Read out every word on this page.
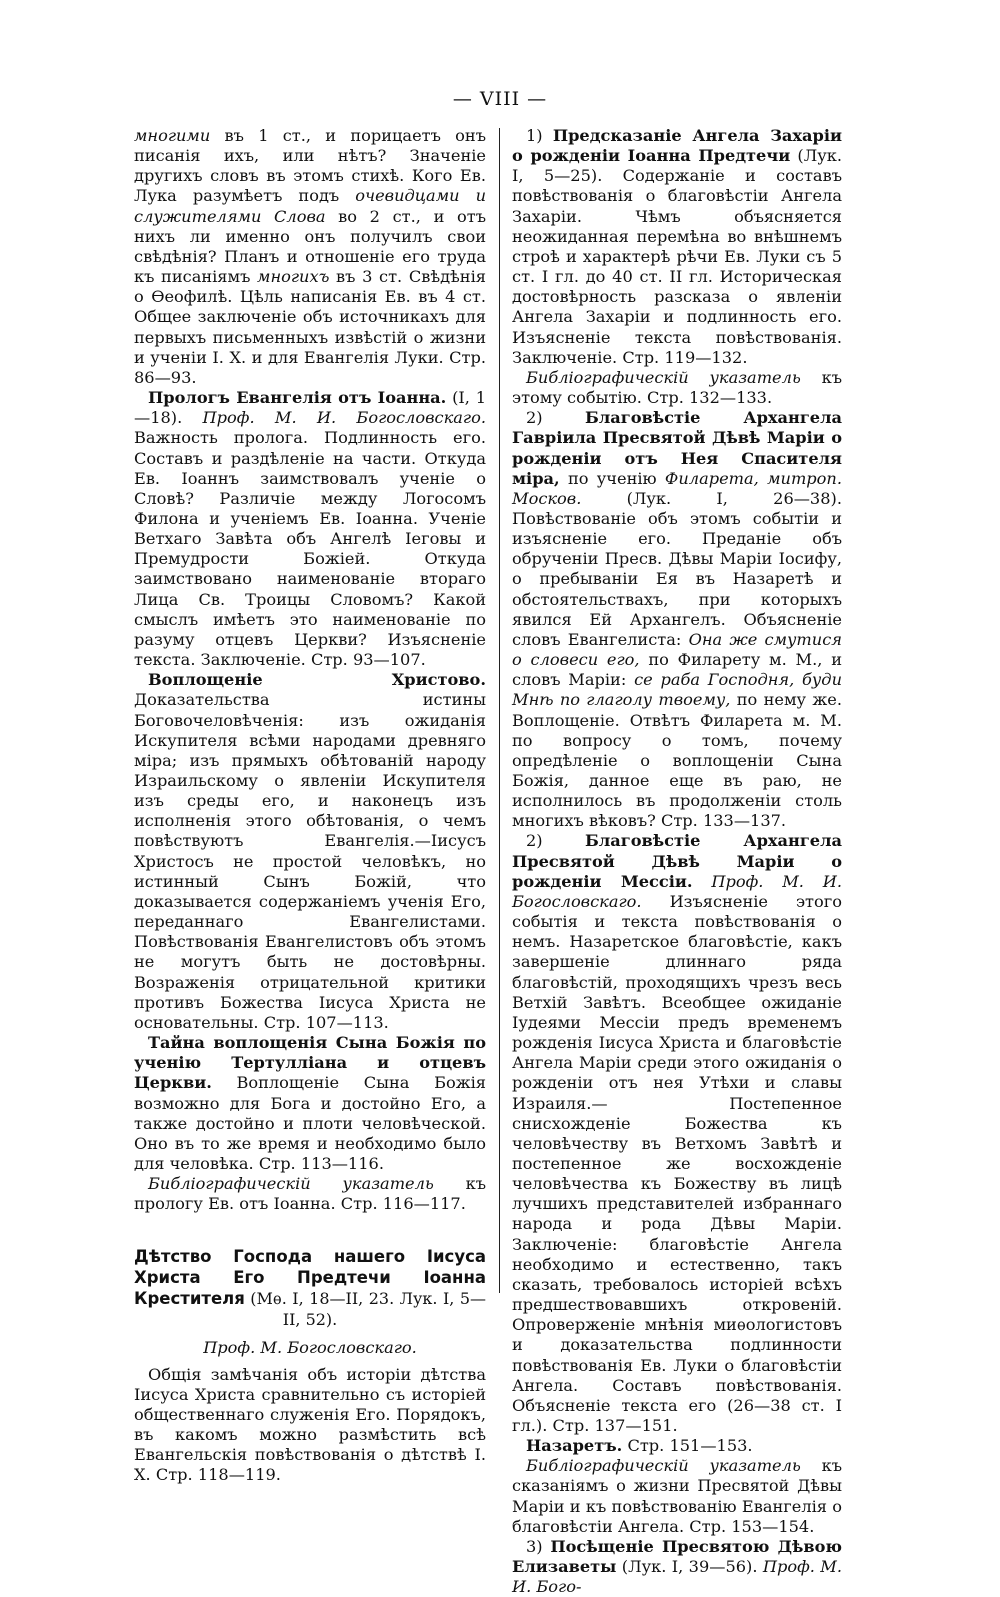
— VIII —

многими въ 1 ст., и порицаетъ онъ писанія ихъ, или нѣтъ? Значеніе другихъ словъ въ этомъ стихѣ. Кого Ев. Лука разумѣетъ подъ очевидцами и служителями Слова во 2 ст., и отъ нихъ ли именно онъ получилъ свои свѣдѣнія? Планъ и отношеніе его труда къ писаніямъ многихъ въ 3 ст. Свѣдѣнія о Ѳеофилѣ. Цѣль написанія Ев. въ 4 ст. Общее заключеніе объ источникахъ для первыхъ письменныхъ извѣстій о жизни и ученіи І. Х. и для Евангелія Луки. Стр. 86—93.

Прологъ Евангелія отъ Іоанна. (І, 1—18). Проф. М. И. Богословскаго. Важность пролога. Подлинность его. Составъ и раздѣленіе на части. Откуда Ев. Іоаннъ заимствовалъ ученіе о Словѣ? Различіе между Логосомъ Филона и ученіемъ Ев. Іоанна. Ученіе Ветхаго Завѣта объ Ангелѣ Іеговы и Премудрости Божіей. Откуда заимствовано наименованіе втораго Лица Св. Троицы Словомъ? Какой смыслъ имѣетъ это наименованіе по разуму отцевъ Церкви? Изъясненіе текста. Заключеніе. Стр. 93—107.

Воплощеніе Христово. Доказательства истины Боговочеловѣченія: изъ ожиданія Искупителя всѣми народами древняго міра; изъ прямыхъ обѣтованій народу Израильскому о явленіи Искупителя изъ среды его, и наконецъ изъ исполненія этого обѣтованія, о чемъ повѣствуютъ Евангелія.—Іисусъ Христосъ не простой человѣкъ, но истинный Сынъ Божій, что доказывается содержаніемъ ученія Его, переданнаго Евангелистами. Повѣствованія Евангелистовъ объ этомъ не могутъ быть не достовѣрны. Возраженія отрицательной критики противъ Божества Іисуса Христа не основательны. Стр. 107—113.

Тайна воплощенія Сына Божія по ученію Тертулліана и отцевъ Церкви. Воплощеніе Сына Божія возможно для Бога и достойно Его, а также достойно и плоти человѣческой. Оно въ то же время и необходимо было для человѣка. Стр. 113—116.

Библіографическій указатель къ прологу Ев. отъ Іоанна. Стр. 116—117.

Дѣтство Господа нашего Іисуса Христа Его Предтечи Іоанна Крестителя (Мѳ. І, 18—ІІ, 23. Лук. І, 5—ІІ, 52).

Проф. М. Богословскаго.

Общія замѣчанія объ исторіи дѣтства Іисуса Христа сравнительно съ исторіей общественнаго служенія Его. Порядокъ, въ какомъ можно размѣстить всѣ Евангельскія повѣствованія о дѣтствѣ І. Х. Стр. 118—119.

1) Предсказаніе Ангела Захаріи о рожденіи Іоанна Предтечи (Лук. І, 5—25). Содержаніе и составъ повѣствованія о благовѣстіи Ангела Захаріи. Чѣмъ объясняется неожиданная перемѣна во внѣшнемъ строѣ и характерѣ рѣчи Ев. Луки съ 5 ст. І гл. до 40 ст. ІІ гл. Историческая достовѣрность разсказа о явленіи Ангела Захаріи и подлинность его. Изъясненіе текста повѣствованія. Заключеніе. Стр. 119—132.

Библіографическій указатель къ этому событію. Стр. 132—133.

2) Благовѣстіе Архангела Гавріила Пресвятой Дѣвѣ Маріи о рожденіи отъ Нея Спасителя міра, по ученію Филарета, митроп. Москов. (Лук. І, 26—38). Повѣствованіе объ этомъ событіи и изъясненіе его. Преданіе объ обрученіи Пресв. Дѣвы Маріи Іосифу, о пребываніи Ея въ Назаретѣ и обстоятельствахъ, при которыхъ явился Ей Архангелъ. Объясненіе словъ Евангелиста: Она же смутися о словеси его, по Филарету м. М., и словъ Маріи: се раба Господня, буди Мнѣ по глаголу твоему, по нему же. Воплощеніе. Отвѣтъ Филарета м. М. по вопросу о томъ, почему опредѣленіе о воплощеніи Сына Божія, данное еще въ раю, не исполнилось въ продолженіи столь многихъ вѣковъ? Стр. 133—137.

2) Благовѣстіе Архангела Пресвятой Дѣвѣ Маріи о рожденіи Мессіи. Проф. М. И. Богословскаго. Изъясненіе этого событія и текста повѣствованія о немъ. Назаретское благовѣстіе, какъ завершеніе длиннаго ряда благовѣстій, проходящихъ чрезъ весь Ветхій Завѣтъ. Всеобщее ожиданіе Іудеями Мессіи предъ временемъ рожденія Іисуса Христа и благовѣстіе Ангела Маріи среди этого ожиданія о рожденіи отъ нея Утѣхи и славы Израиля.— Постепенное снисхожденіе Божества къ человѣчеству въ Ветхомъ Завѣтѣ и постепенное же восхожденіе человѣчества къ Божеству въ лицѣ лучшихъ представителей избраннаго народа и рода Дѣвы Маріи. Заключеніе: благовѣстіе Ангела необходимо и естественно, такъ сказать, требовалось исторіей всѣхъ предшествовавшихъ откровеній. Опроверженіе мнѣнія миѳологистовъ и доказательства подлинности повѣствованія Ев. Луки о благовѣстіи Ангела. Составъ повѣствованія. Объясненіе текста его (26—38 ст. І гл.). Стр. 137—151.

Назаретъ. Стр. 151—153.

Библіографическій указатель къ сказаніямъ о жизни Пресвятой Дѣвы Маріи и къ повѣствованію Евангелія о благовѣстіи Ангела. Стр. 153—154.

3) Посѣщеніе Пресвятою Дѣвою Елизаветы (Лук. І, 39—56). Проф. М. И. Бого-
